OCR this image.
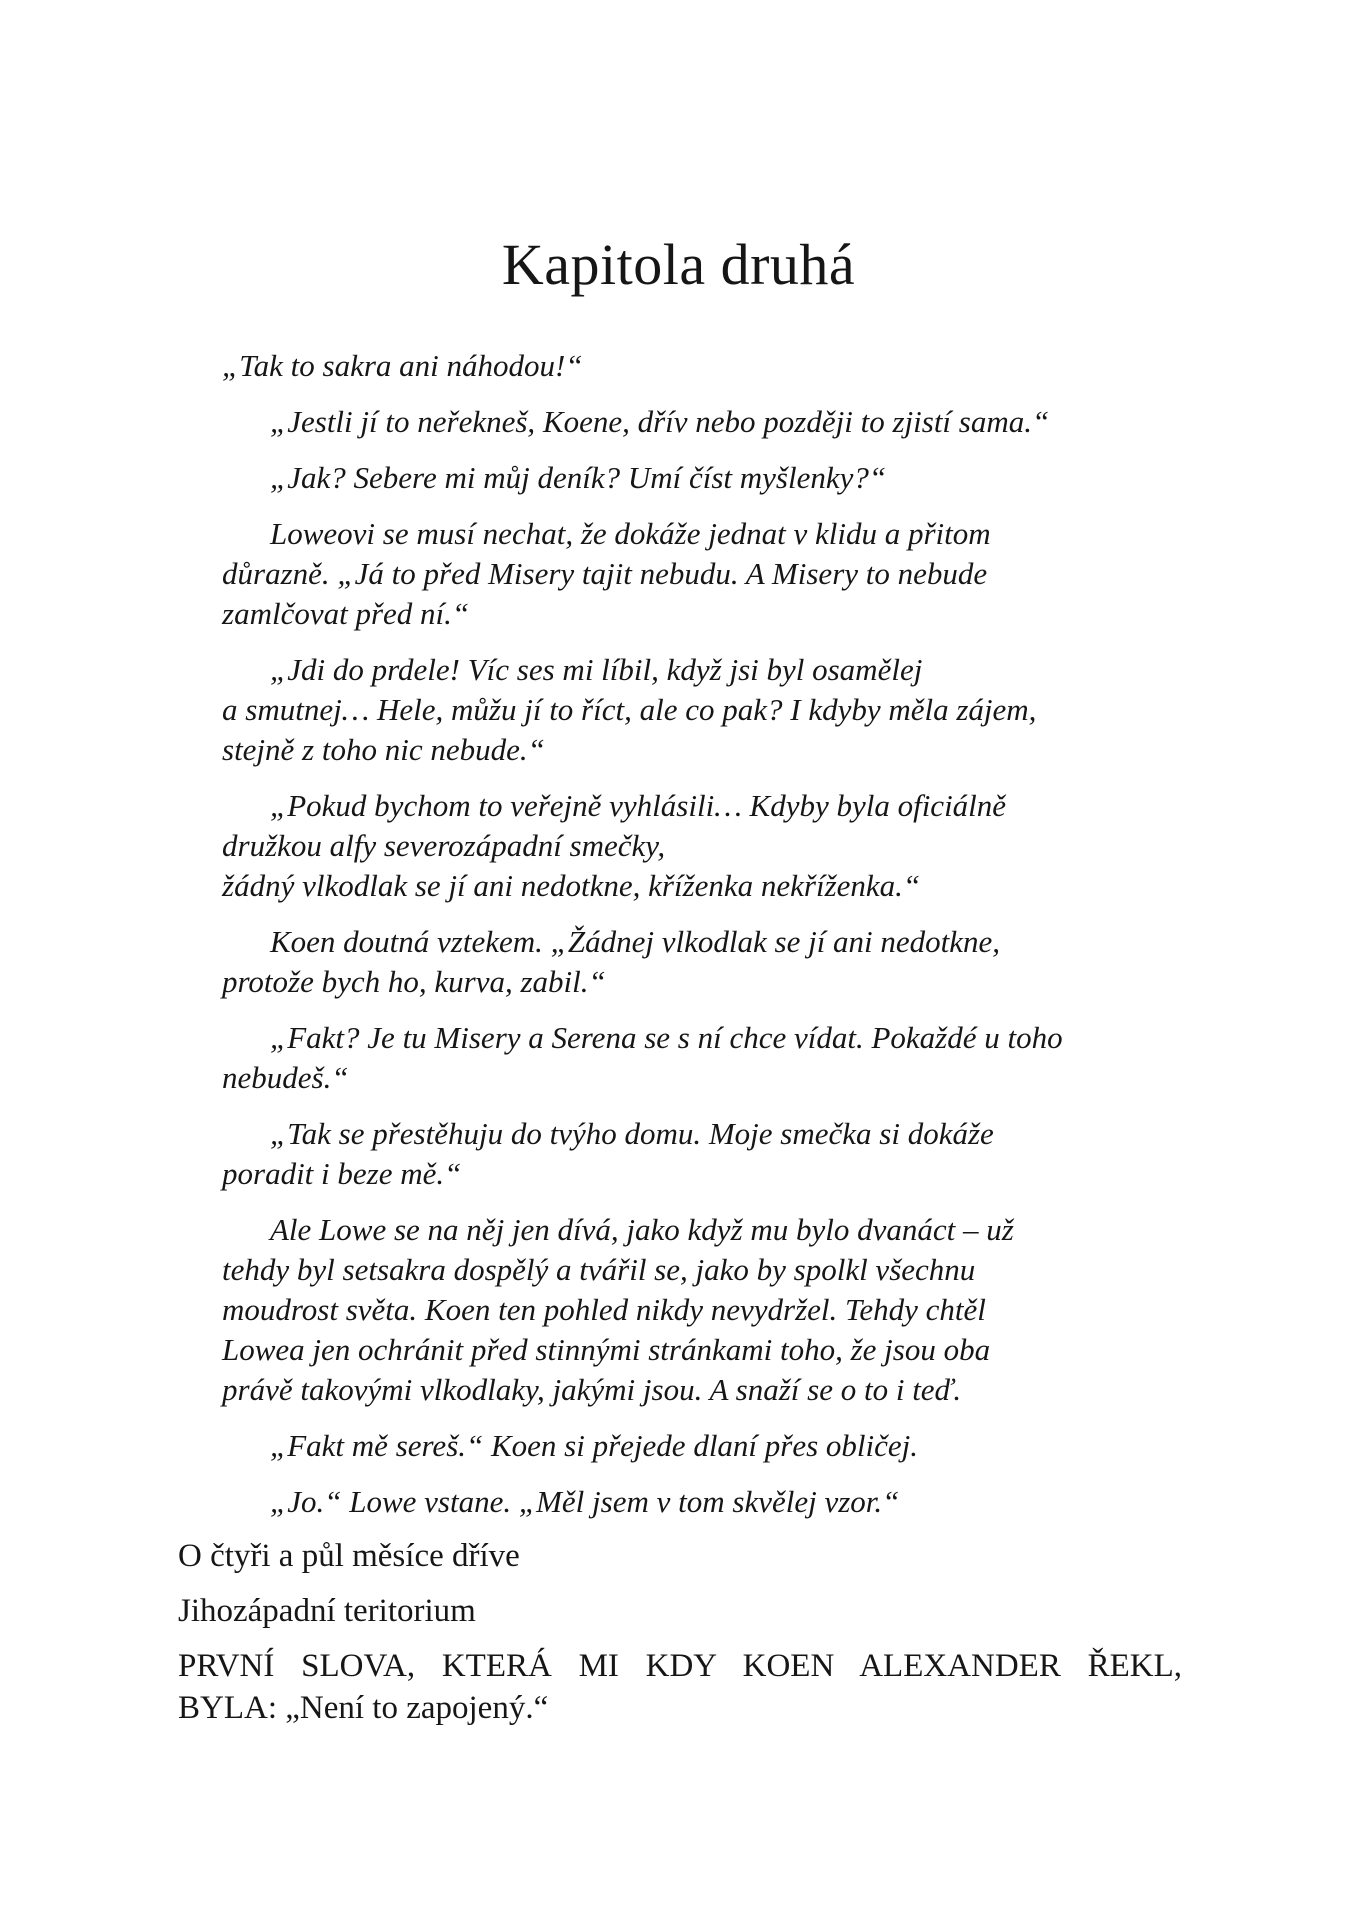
Kapitola druhá
„Tak to sakra ani náhodou!“
„Jestli jí to neřekneš, Koene, dřív nebo později to zjistí sama.“
„Jak? Sebere mi můj deník? Umí číst myšlenky?“
Loweovi se musí nechat, že dokáže jednat v klidu a přitom
důrazně. „Já to před Misery tajit nebudu. A Misery to nebude
zamlčovat před ní.“
„Jdi do prdele! Víc ses mi líbil, když jsi byl osamělej
a smutnej… Hele, můžu jí to říct, ale co pak? I kdyby měla zájem,
stejně z toho nic nebude.“
„Pokud bychom to veřejně vyhlásili… Kdyby byla oficiálně
družkou alfy severozápadní smečky,
žádný vlkodlak se jí ani nedotkne, kříženka nekříženka.“
Koen doutná vztekem. „Žádnej vlkodlak se jí ani nedotkne,
protože bych ho, kurva, zabil.“
„Fakt? Je tu Misery a Serena se s ní chce vídat. Pokaždé u toho
nebudeš.“
„Tak se přestěhuju do tvýho domu. Moje smečka si dokáže
poradit i beze mě.“
Ale Lowe se na něj jen dívá, jako když mu bylo dvanáct – už
tehdy byl setsakra dospělý a tvářil se, jako by spolkl všechnu
moudrost světa. Koen ten pohled nikdy nevydržel. Tehdy chtěl
Lowea jen ochránit před stinnými stránkami toho, že jsou oba
právě takovými vlkodlaky, jakými jsou. A snaží se o to i teď.
„Fakt mě sereš.“ Koen si přejede dlaní přes obličej.
„Jo.“ Lowe vstane. „Měl jsem v tom skvělej vzor.“
O čtyři a půl měsíce dříve
Jihozápadní teritorium
PRVNÍ SLOVA, KTERÁ MI KDY KOEN ALEXANDER ŘEKL,
BYLA: „Není to zapojený.“
